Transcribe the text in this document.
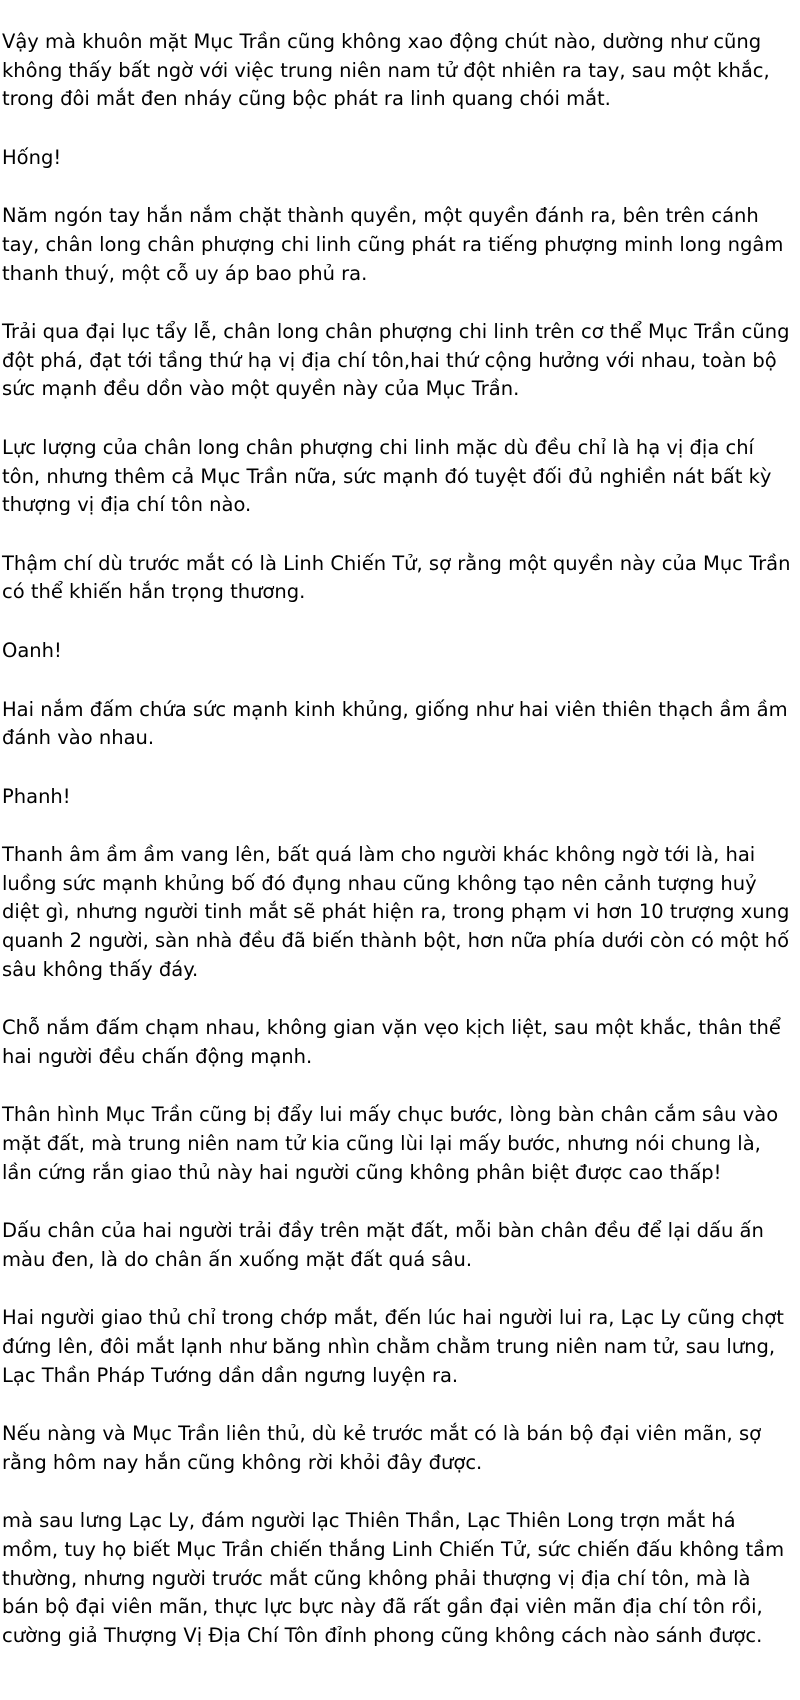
Vậy mà khuôn mặt Mục Trần cũng không xao động chút nào, dường như cũng không thấy bất ngờ với việc trung niên nam tử đột nhiên ra tay, sau một khắc, trong đôi mắt đen nháy cũng bộc phát ra linh quang chói mắt.

Hống!

Năm ngón tay hắn nắm chặt thành quyền, một quyền đánh ra, bên trên cánh tay, chân long chân phượng chi linh cũng phát ra tiếng phượng minh long ngâm thanh thuý, một cỗ uy áp bao phủ ra.

Trải qua đại lục tẩy lễ, chân long chân phượng chi linh trên cơ thể Mục Trần cũng đột phá, đạt tới tầng thứ hạ vị địa chí tôn,hai thứ cộng hưởng với nhau, toàn bộ sức mạnh đều dồn vào một quyền này của Mục Trần.

Lực lượng của chân long chân phượng chi linh mặc dù đều chỉ là hạ vị địa chí tôn, nhưng thêm cả Mục Trần nữa, sức mạnh đó tuyệt đối đủ nghiền nát bất kỳ thượng vị địa chí tôn nào.

Thậm chí dù trước mắt có là Linh Chiến Tử, sợ rằng một quyền này của Mục Trần có thể khiến hắn trọng thương.

Oanh!

Hai nắm đấm chứa sức mạnh kinh khủng, giống như hai viên thiên thạch ầm ầm đánh vào nhau.

Phanh!

Thanh âm ầm ầm vang lên, bất quá làm cho người khác không ngờ tới là, hai luồng sức mạnh khủng bố đó đụng nhau cũng không tạo nên cảnh tượng huỷ diệt gì, nhưng người tinh mắt sẽ phát hiện ra, trong phạm vi hơn 10 trượng xung quanh 2 người, sàn nhà đều đã biến thành bột, hơn nữa phía dưới còn có một hố sâu không thấy đáy.

Chỗ nắm đấm chạm nhau, không gian vặn vẹo kịch liệt, sau một khắc, thân thể hai người đều chấn động mạnh.

Thân hình Mục Trần cũng bị đẩy lui mấy chục bước, lòng bàn chân cắm sâu vào mặt đất, mà trung niên nam tử kia cũng lùi lại mấy bước, nhưng nói chung là, lần cứng rắn giao thủ này hai người cũng không phân biệt được cao thấp!

Dấu chân của hai người trải đầy trên mặt đất, mỗi bàn chân đều để lại dấu ấn màu đen, là do chân ấn xuống mặt đất quá sâu.

Hai người giao thủ chỉ trong chớp mắt, đến lúc hai người lui ra, Lạc Ly cũng chợt đứng lên, đôi mắt lạnh như băng nhìn chằm chằm trung niên nam tử, sau lưng, Lạc Thần Pháp Tướng dần dần ngưng luyện ra.

Nếu nàng và Mục Trần liên thủ, dù kẻ trước mắt có là bán bộ đại viên mãn, sợ rằng hôm nay hắn cũng không rời khỏi đây được.

mà sau lưng Lạc Ly, đám người lạc Thiên Thần, Lạc Thiên Long trợn mắt há mồm, tuy họ biết Mục Trần chiến thắng Linh Chiến Tử, sức chiến đấu không tầm thường, nhưng người trước mắt cũng không phải thượng vị địa chí tôn, mà là bán bộ đại viên mãn, thực lực bực này đã rất gần đại viên mãn địa chí tôn rồi, cường giả Thượng Vị Địa Chí Tôn đỉnh phong cũng không cách nào sánh được.
